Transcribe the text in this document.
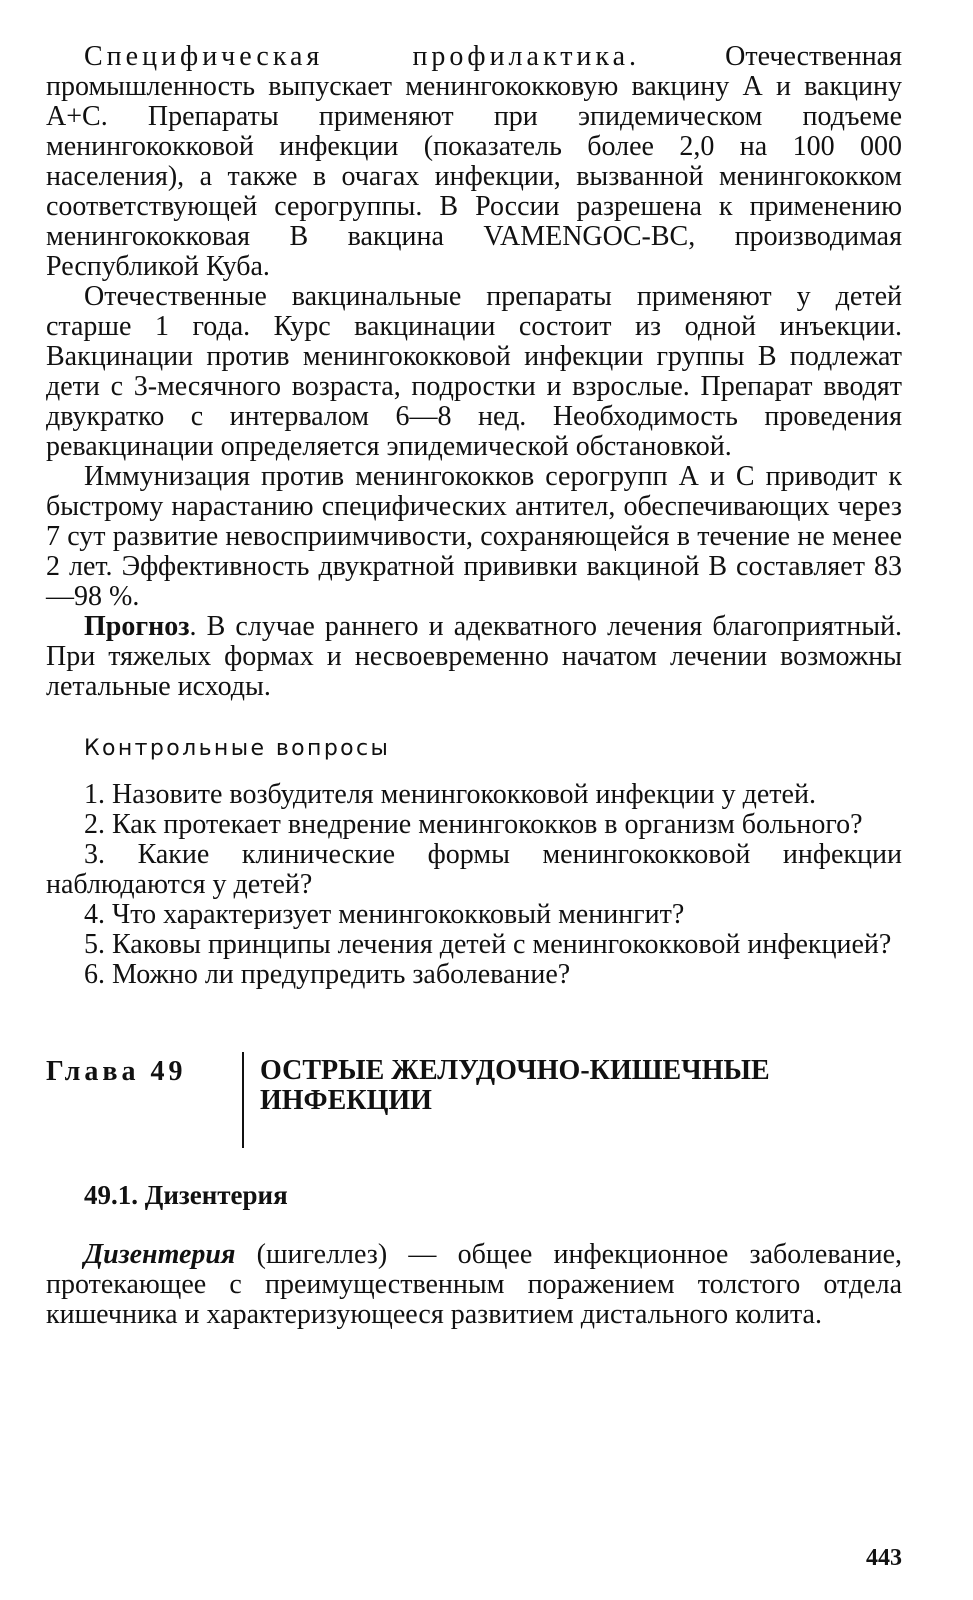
Специфическая профилактика.	Отечественная промышленность выпускает менингококковую вакцину А и вакцину А+С. Препараты применяют при эпидемическом подъеме менингококковой инфекции (показатель более 2,0 на 100 000 населения), а также в очагах инфекции, вызванной менингококком соответствующей серогруппы. В России разрешена к применению менингококковая В вакцина VAMENGOC-BC, производимая Республикой Куба.

Отечественные вакцинальные препараты применяют у детей старше 1 года. Курс вакцинации состоит из одной инъекции. Вакцинации против менингококковой инфекции группы В подлежат дети с 3-месячного возраста, подростки и взрослые. Препарат вводят двукратко с интервалом 6—8 нед. Необходимость проведения ревакцинации определяется эпидемической обстановкой.

Иммунизация против менингококков серогрупп А и С приводит к быстрому нарастанию специфических антител, обеспечивающих через 7 сут развитие невосприимчивости, сохраняющейся в течение не менее 2 лет. Эффективность двукратной прививки вакциной В составляет 83—98 %.

Прогноз. В случае раннего и адекватного лечения благоприятный. При тяжелых формах и несвоевременно начатом лечении возможны летальные исходы.

Контрольные вопросы
1. Назовите возбудителя менингококковой инфекции у детей.
2. Как протекает внедрение менингококков в организм больного?
3. Какие клинические формы менингококковой инфекции наблюдаются у детей?
4. Что характеризует менингококковый менингит?
5. Каковы принципы лечения детей с менингококковой инфекцией?
6. Можно ли предупредить заболевание?
Глава 49	ОСТРЫЕ ЖЕЛУДОЧНО-КИШЕЧНЫЕ ИНФЕКЦИИ
49.1. Дизентерия

Дизентерия (шигеллез) — общее инфекционное заболевание, протекающее с преимущественным поражением толстого отдела кишечника и характеризующееся развитием дистального колита.

443
